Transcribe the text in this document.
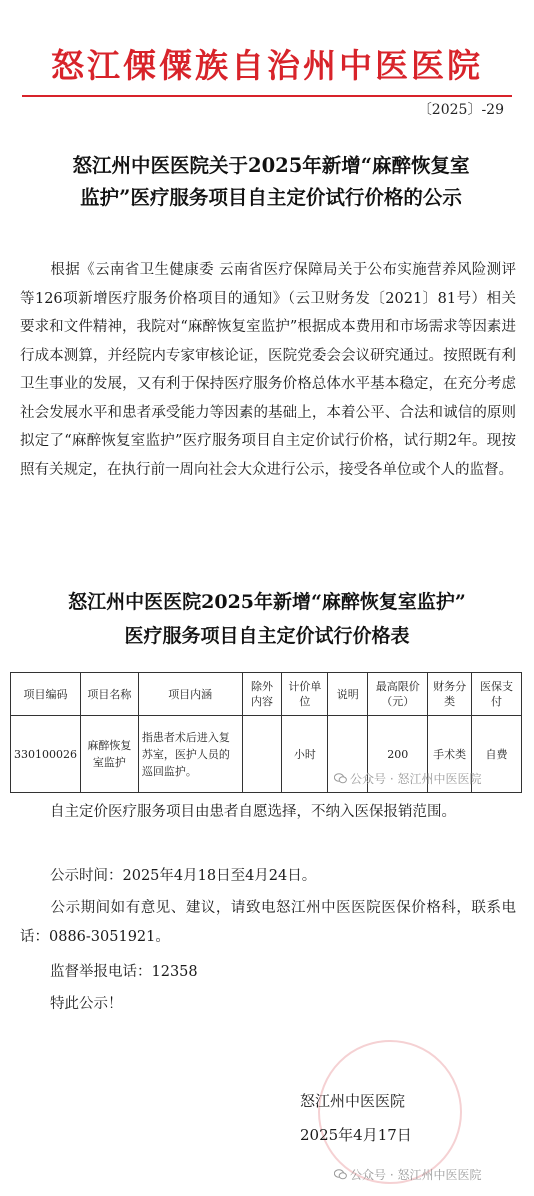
怒江傈僳族自治州中医医院
〔2025〕-29
怒江州中医医院关于2025年新增“麻醉恢复室
监护”医疗服务项目自主定价试行价格的公示
根据《云南省卫生健康委 云南省医疗保障局关于公布实施营养风险测评等126项新增医疗服务价格项目的通知》（云卫财务发〔2021〕81号）相关要求和文件精神，我院对“麻醉恢复室监护”根据成本费用和市场需求等因素进行成本测算，并经院内专家审核论证，医院党委会会议研究通过。按照既有利卫生事业的发展，又有利于保持医疗服务价格总体水平基本稳定，在充分考虑社会发展水平和患者承受能力等因素的基础上，本着公平、合法和诚信的原则拟定了“麻醉恢复室监护”医疗服务项目自主定价试行价格，试行期2年。现按照有关规定，在执行前一周向社会大众进行公示，接受各单位或个人的监督。
怒江州中医医院2025年新增“麻醉恢复室监护”
医疗服务项目自主定价试行价格表
项目编码	项目名称	项目内涵	除外内容	计价单位	说明	最高限价（元）	财务分类	医保支付
330100026	麻醉恢复室监护	指患者术后进入复苏室，医护人员的巡回监护。		小时		200	手术类	自费
公众号 · 怒江州中医医院
自主定价医疗服务项目由患者自愿选择，不纳入医保报销范围。
公示时间：2025年4月18日至4月24日。
公示期间如有意见、建议，请致电怒江州中医医院医保价格科，联系电话：0886-3051921。
监督举报电话：12358
特此公示！
怒江州中医医院
2025年4月17日
公众号 · 怒江州中医医院
